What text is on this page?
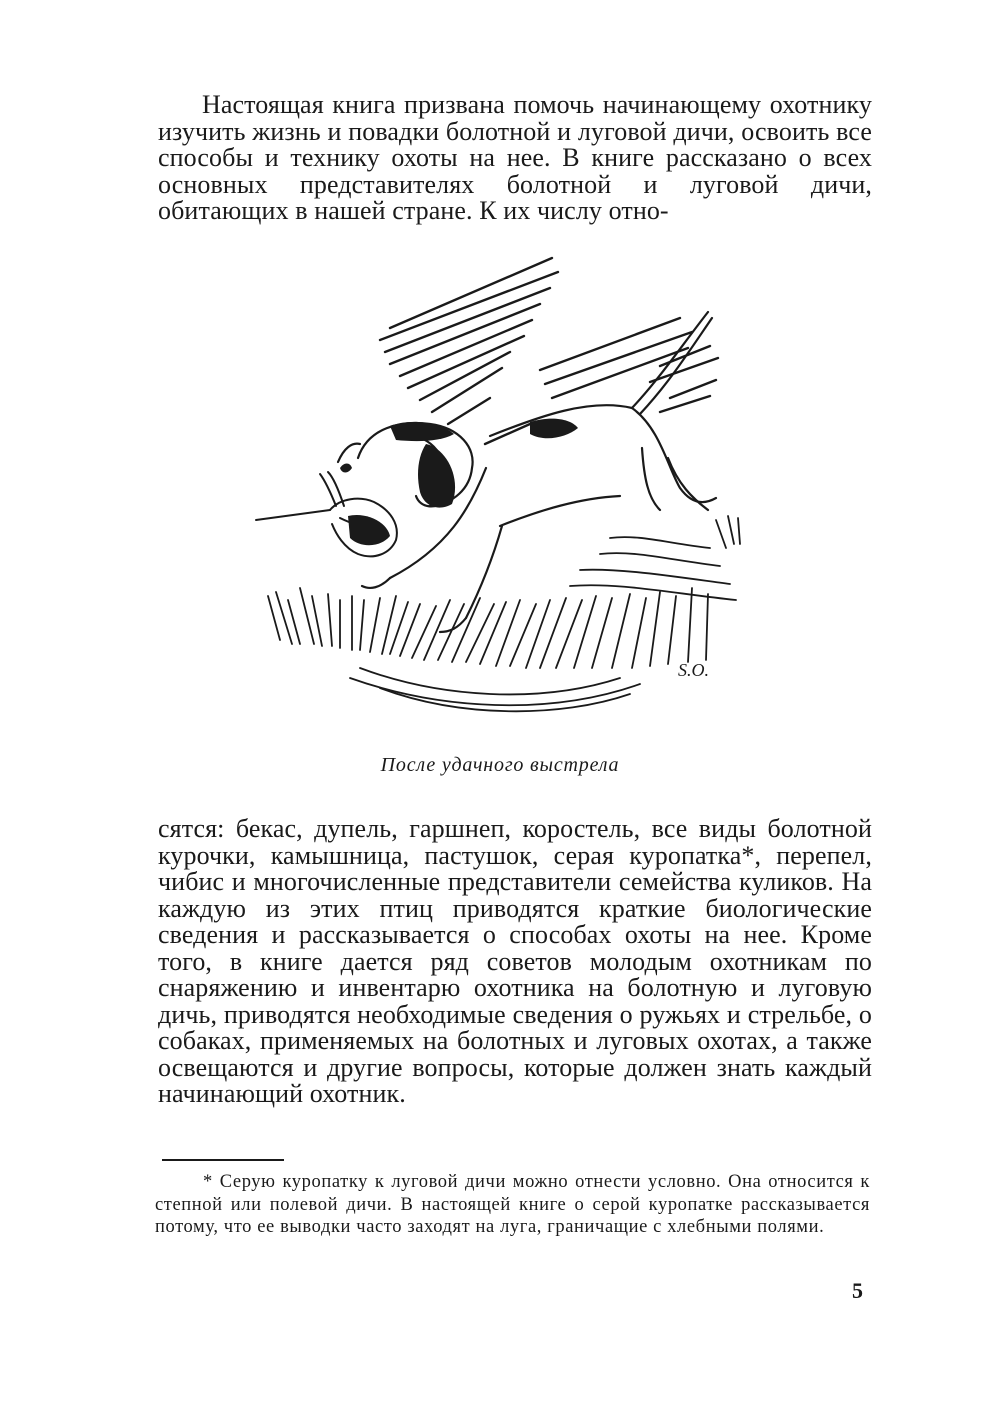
Настоящая книга призвана помочь начинающему охотнику изучить жизнь и повадки болотной и луговой дичи, освоить все способы и технику охоты на нее. В книге рассказано о всех основных представителях болотной и луговой дичи, обитающих в нашей стране. К их числу отно-

S.O.
После удачного выстрела

сятся: бекас, дупель, гаршнеп, коростель, все виды болотной курочки, камышница, пастушок, серая куропатка*, перепел, чибис и многочисленные представители семейства куликов. На каждую из этих птиц приводятся краткие биологические сведения и рассказывается о способах охоты на нее. Кроме того, в книге дается ряд советов молодым охотникам по снаряжению и инвентарю охотника на болотную и луговую дичь, приводятся необходимые сведения о ружьях и стрельбе, о собаках, применяемых на болотных и луговых охотах, а также освещаются и другие вопросы, которые должен знать каждый начинающий охотник.

* Серую куропатку к луговой дичи можно отнести условно. Она относится к степной или полевой дичи. В настоящей книге о серой куропатке рассказывается потому, что ее выводки часто заходят на луга, граничащие с хлебными полями.

5
